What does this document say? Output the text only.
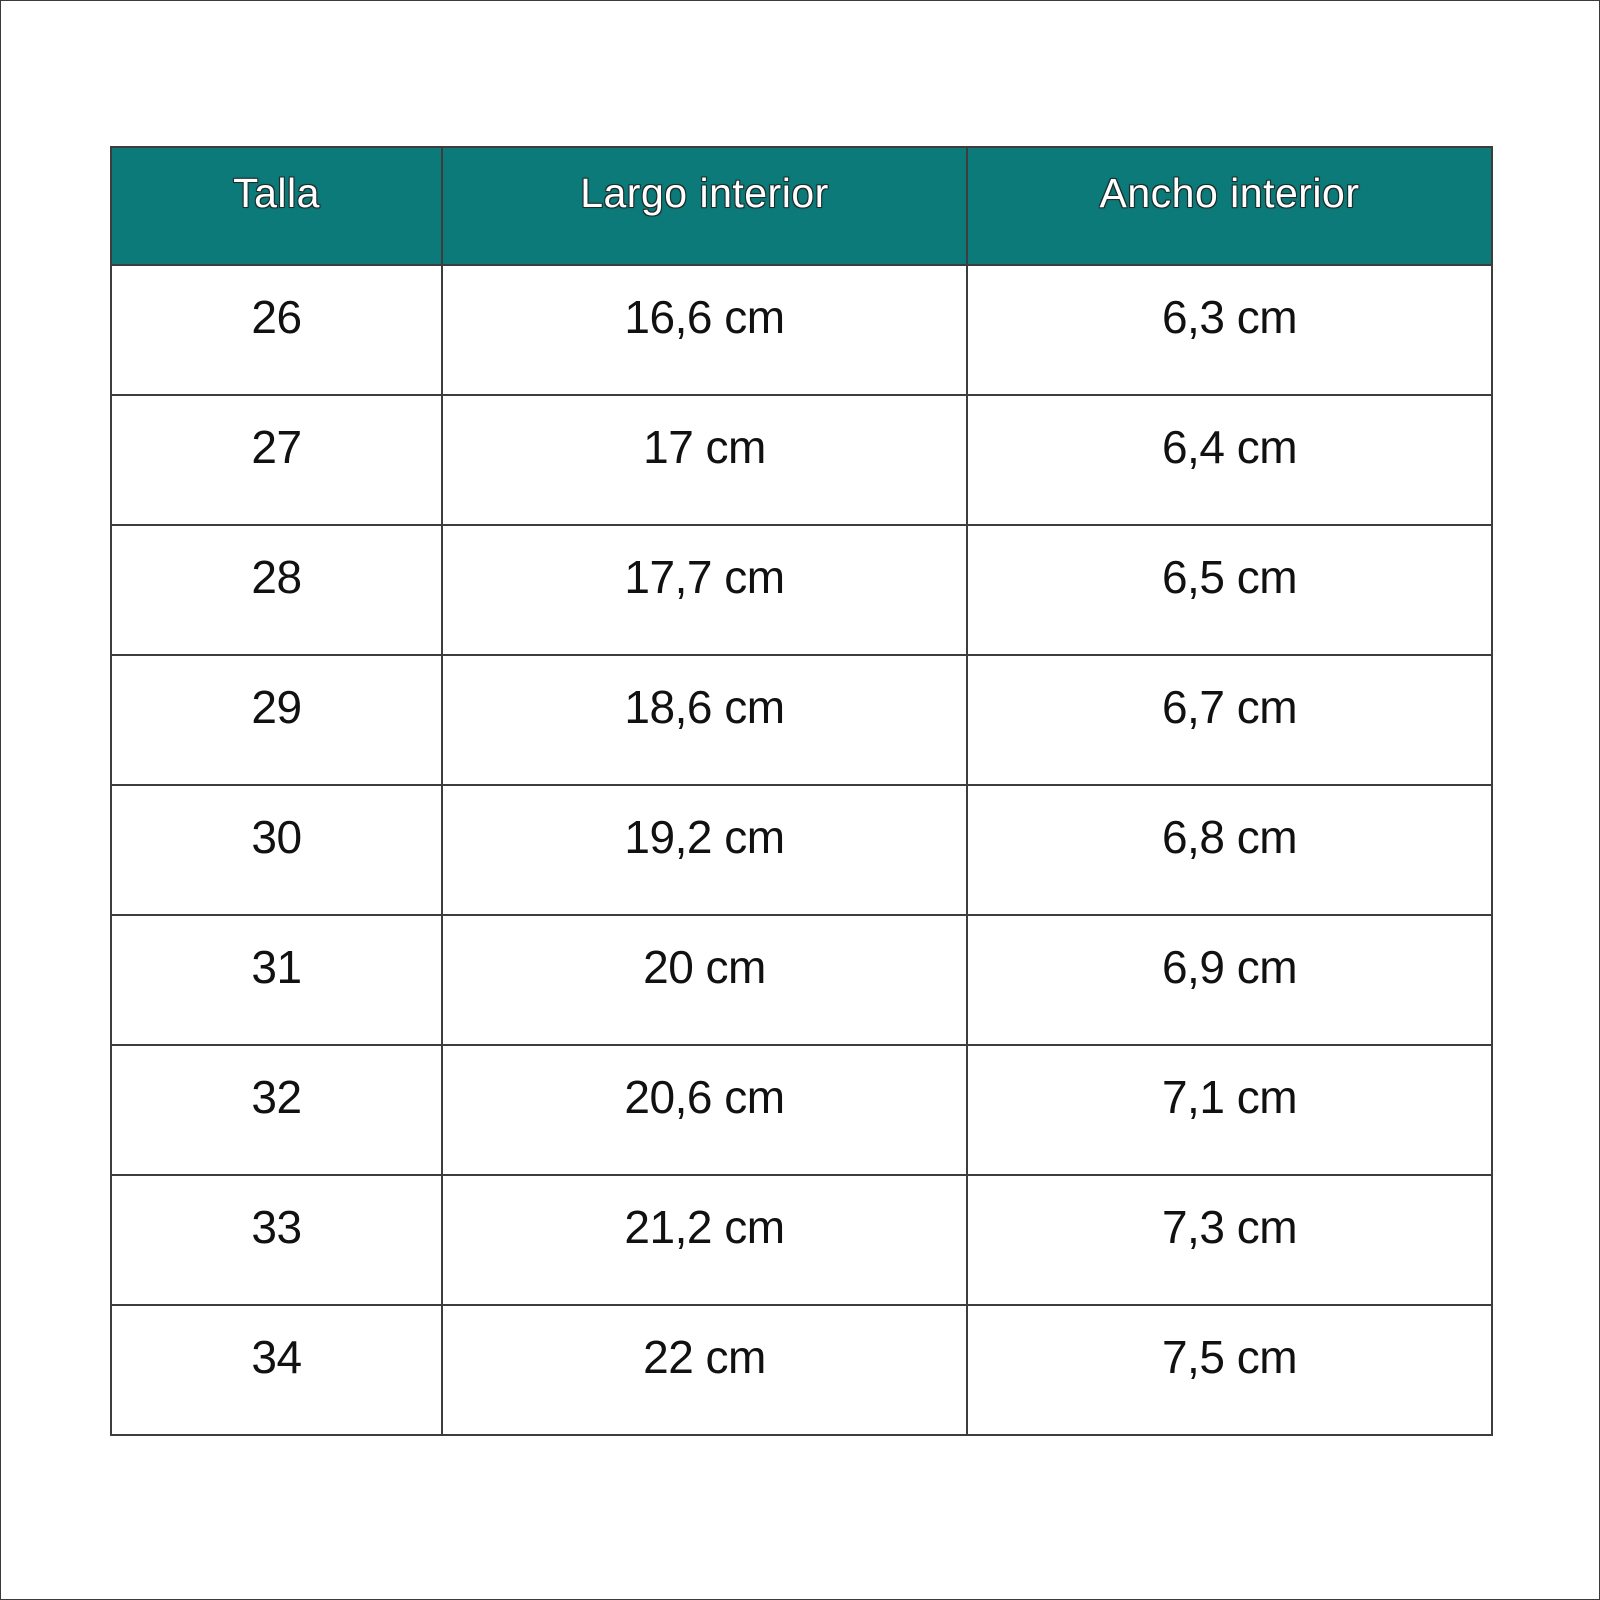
Talla	Largo interior	Ancho interior
26	16,6 cm	6,3 cm
27	17 cm	6,4 cm
28	17,7 cm	6,5 cm
29	18,6 cm	6,7 cm
30	19,2 cm	6,8 cm
31	20 cm	6,9 cm
32	20,6 cm	7,1 cm
33	21,2 cm	7,3 cm
34	22 cm	7,5 cm
